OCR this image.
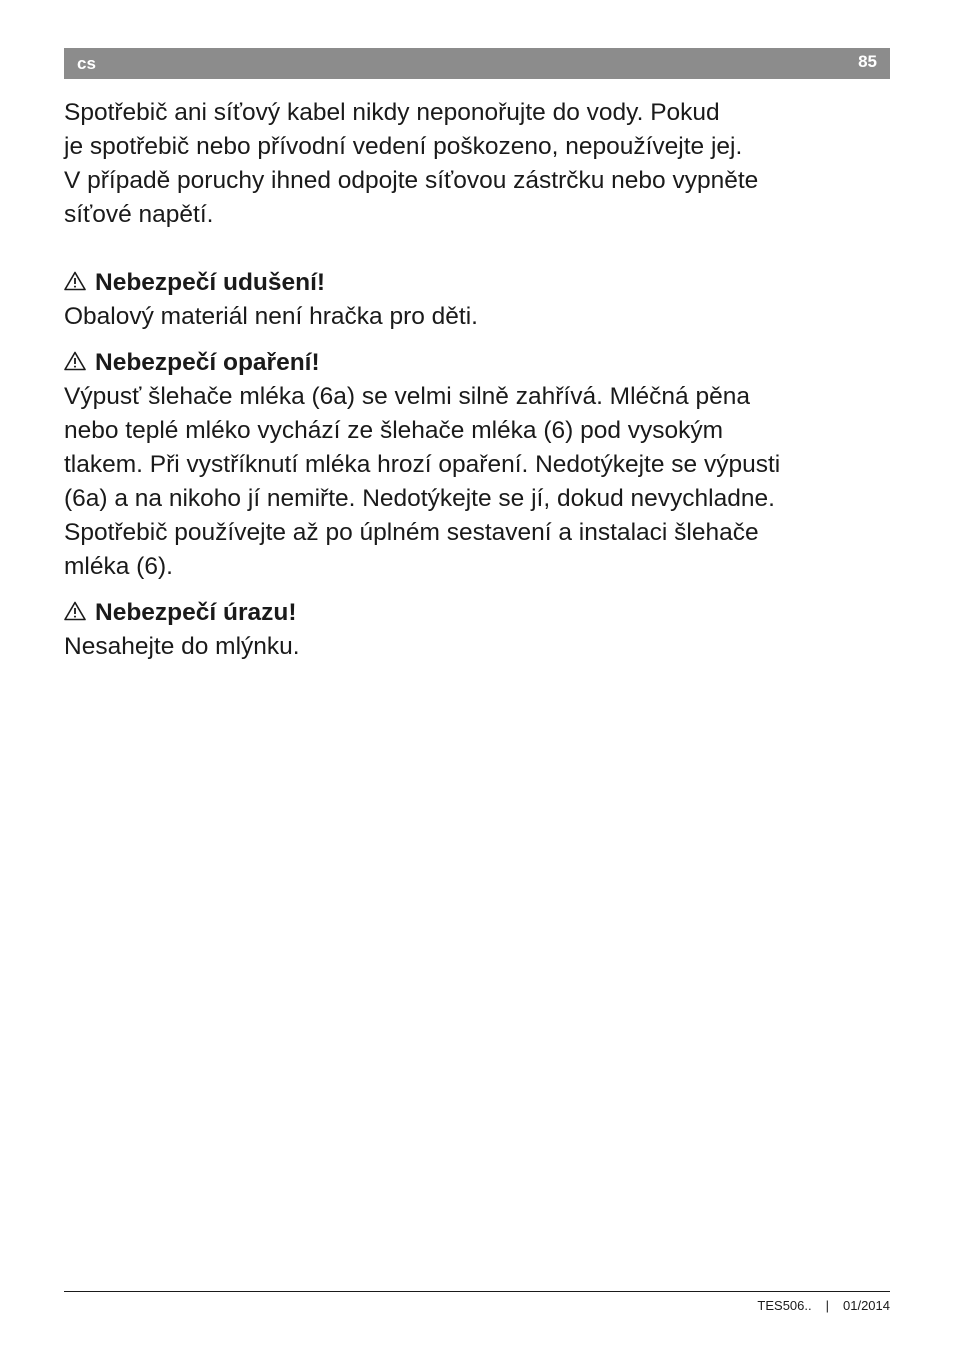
cs	85

Spotřebič ani síťový kabel nikdy neponořujte do vody. Pokud

je spotřebič nebo přívodní vedení poškozeno, nepoužívejte jej.

V případě poruchy ihned odpojte síťovou zástrčku nebo vypněte

síťové napětí.

Nebezpečí udušení!

Obalový materiál není hračka pro děti.

Nebezpečí opaření!

Výpusť šlehače mléka (6a) se velmi silně zahřívá. Mléčná pěna

nebo teplé mléko vychází ze šlehače mléka (6) pod vysokým

tlakem. Při vystříknutí mléka hrozí opaření. Nedotýkejte se výpusti

(6a) a na nikoho jí nemiřte. Nedotýkejte se jí, dokud nevychladne.

Spotřebič používejte až po úplném sestavení a instalaci šlehače

mléka (6).

Nebezpečí úrazu!

Nesahejte do mlýnku.

TES506.. | 01/2014
